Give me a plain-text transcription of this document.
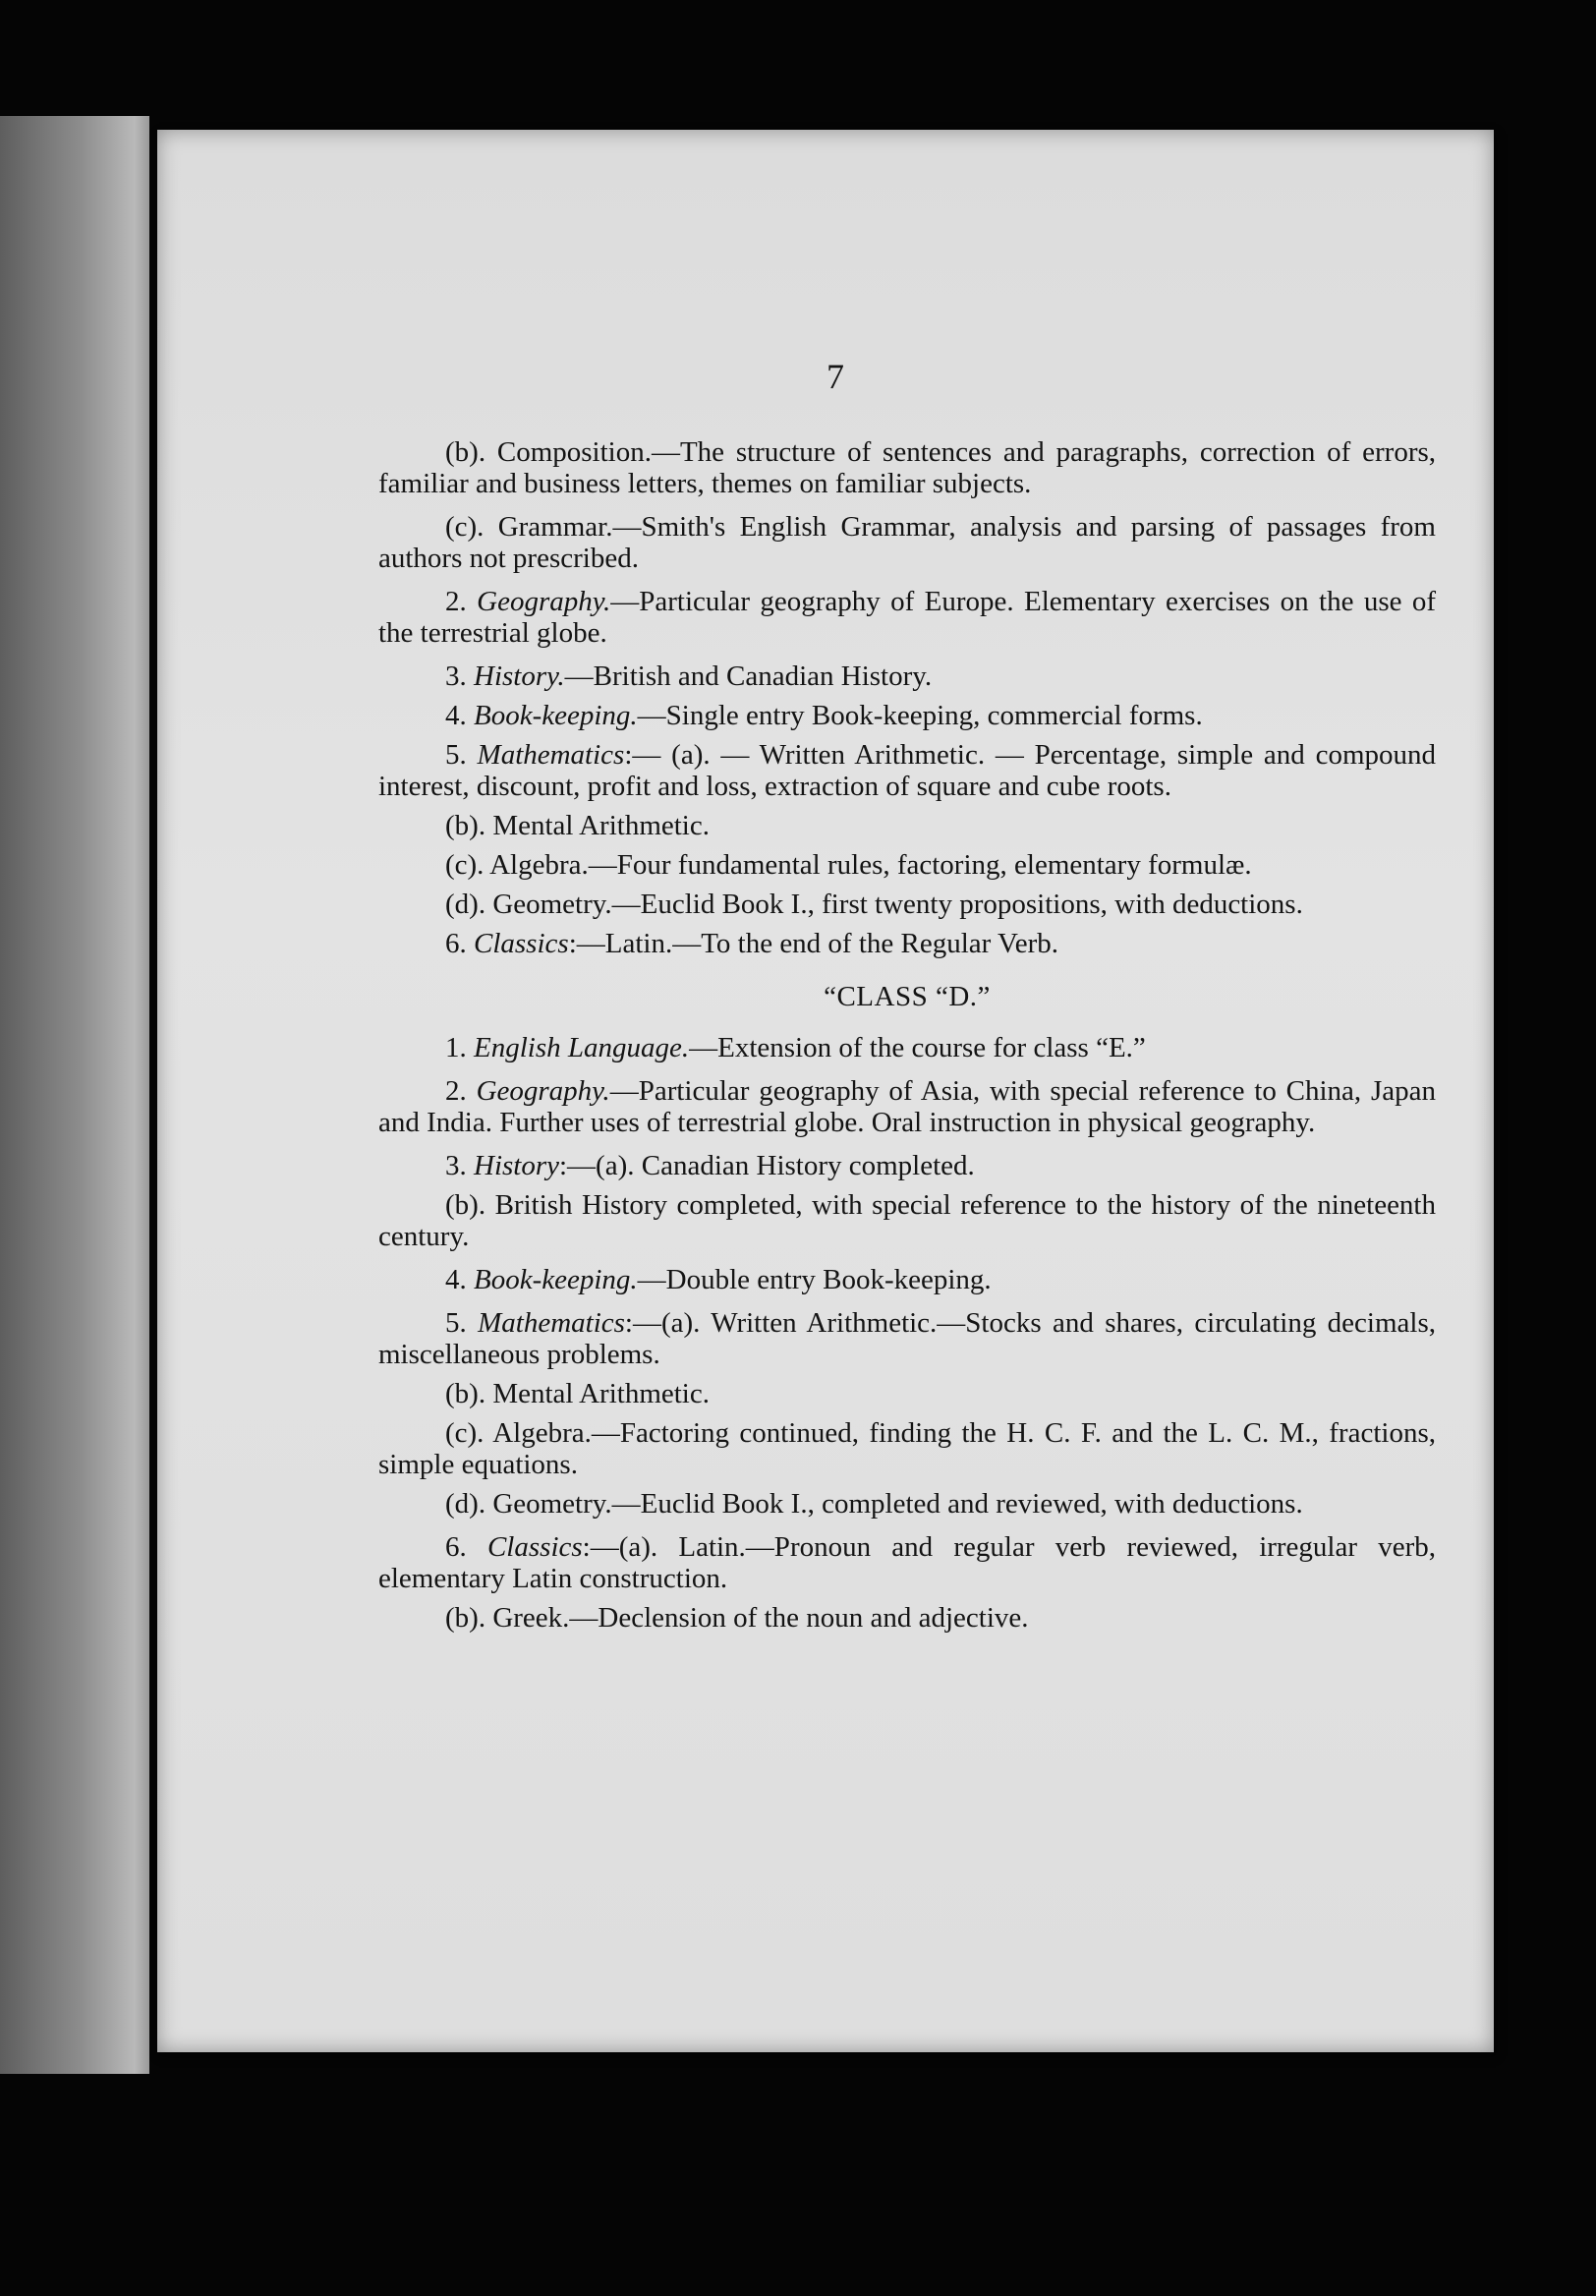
7

(b). Composition.—The structure of sentences and paragraphs, correction of errors, familiar and business letters, themes on familiar subjects.

(c). Grammar.—Smith's English Grammar, analysis and parsing of passages from authors not prescribed.

2. Geography.—Particular geography of Europe. Elementary exercises on the use of the terrestrial globe.

3. History.—British and Canadian History.

4. Book-keeping.—Single entry Book-keeping, commercial forms.

5. Mathematics:— (a). — Written Arithmetic. — Percentage, simple and compound interest, discount, profit and loss, extraction of square and cube roots.

(b). Mental Arithmetic.

(c). Algebra.—Four fundamental rules, factoring, elementary formulæ.

(d). Geometry.—Euclid Book I., first twenty propositions, with deductions.

6. Classics:—Latin.—To the end of the Regular Verb.

“CLASS “D.”

1. English Language.—Extension of the course for class “E.”

2. Geography.—Particular geography of Asia, with special reference to China, Japan and India. Further uses of terrestrial globe. Oral instruction in physical geography.

3. History:—(a). Canadian History completed.

(b). British History completed, with special reference to the history of the nineteenth century.

4. Book-keeping.—Double entry Book-keeping.

5. Mathematics:—(a). Written Arithmetic.—Stocks and shares, circulating decimals, miscellaneous problems.

(b). Mental Arithmetic.

(c). Algebra.—Factoring continued, finding the H. C. F. and the L. C. M., fractions, simple equations.

(d). Geometry.—Euclid Book I., completed and reviewed, with deductions.

6. Classics:—(a). Latin.—Pronoun and regular verb reviewed, irregular verb, elementary Latin construction.

(b). Greek.—Declension of the noun and adjective.
